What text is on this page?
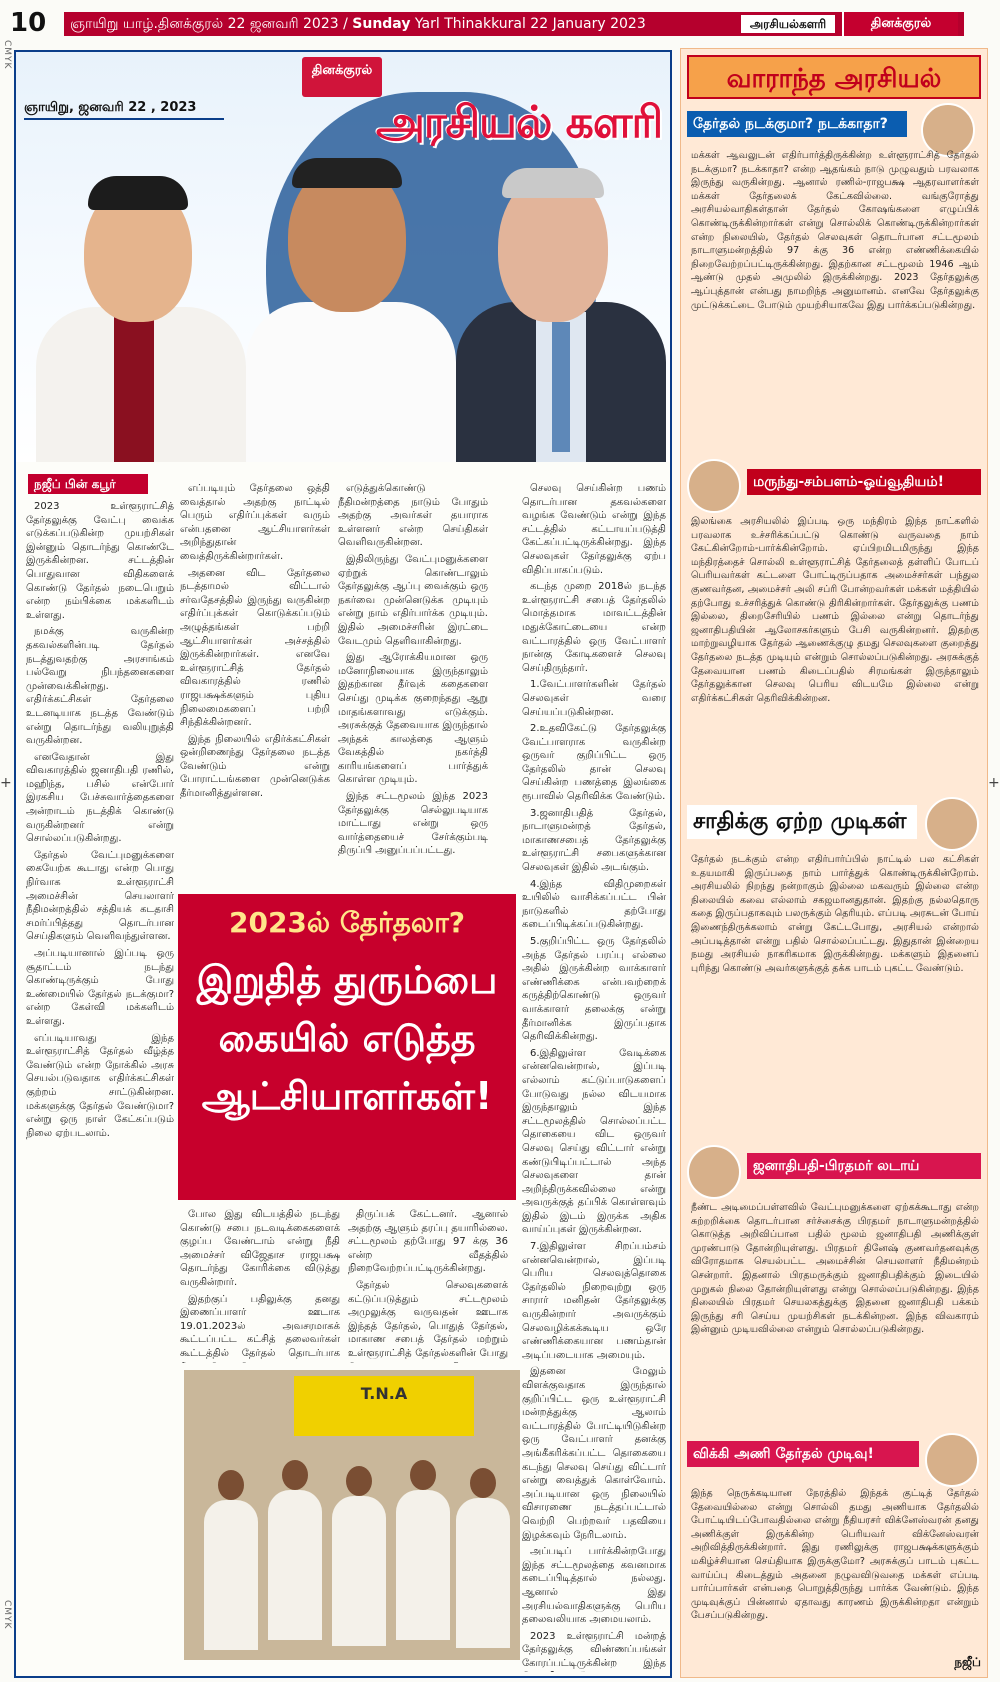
10	ஞாயிறு யாழ்.தினக்குரல் 22 ஜனவரி 2023 / Sunday Yarl Thinakkural 22 January 2023	அரசியல்களரி	தினக்குரல்
CMYK
CMYK
+	+
தினக்குரல்
ஞாயிறு, ஜனவரி 22 , 2023	அரசியல் களரி
நஜீப் பின் கபூர்

2023 உள்ளூராட்சித் தேர்தலுக்கு வேட்பு வைக்க எடுக்கப்படுகின்ற முயற்சிகள் இன்னும் தொடர்ந்து கொண்டே இருக்கின்றன. சட்டத்தின் பொதுவான விதிகளைக் கொண்டு தேர்தல் நடைபெறும் என்ற நம்பிக்கை மக்களிடம் உள்ளது.

நமக்கு வருகின்ற தகவல்களின்படி தேர்தல் நடத்துவதற்கு அரசாங்கம் பல்வேறு நிபந்தனைகளை முன்வைக்கின்றது. எதிர்க்கட்சிகள் தேர்தலை உடனடியாக நடத்த வேண்டும் என்று தொடர்ந்து வலியுறுத்தி வருகின்றன.

எனவேதான் இது விவகாரத்தில் ஜனாதிபதி ரணில், மஹிந்த, பசில் என்போர் இரகசிய பேச்சுவார்த்தைகளை அன்றாடம் நடத்திக் கொண்டு வருகின்றனர் என்று சொல்லப்படுகின்றது.

தேர்தல் வேட்புமனுக்களை கையேற்க கூடாது என்ற பொது நிர்வாக உள்ளூராட்சி அமைச்சின் செயலாளர் நீதிமன்றத்தில் சத்தியக் கடதாசி சமர்ப்பித்தது தொடர்பான செய்திகளும் வெளிவந்துள்ளன.

அப்படியானால் இப்படி ஒரு சூதாட்டம் நடந்து கொண்டிருக்கும் போது உண்மையில் தேர்தல் நடக்குமா? என்ற கேள்வி மக்களிடம் உள்ளது.

எப்படியாவது இந்த உள்ளூராட்சித் தேர்தல் வீழ்த்த வேண்டும் என்ற நோக்கில் அரசு செயல்படுவதாக எதிர்க்கட்சிகள் குற்றம் சாட்டுகின்றன. மக்களுக்கு தேர்தல் வேண்டுமா? என்று ஒரு நாள் கேட்கப்படும் நிலை ஏற்படலாம்.

எப்படியும் தேர்தலை ஒத்தி வைத்தால் அதற்கு நாட்டில் பெரும் எதிர்ப்புக்கள் வரும் என்பதனை ஆட்சியாளர்கள் அறிந்துதான் வைத்திருக்கின்றார்கள்.

அதனை விட தேர்தலை நடத்தாமல் விட்டால் சர்வதேசத்தில் இருந்து வருகின்ற எதிர்ப்புக்கள் கொடுக்கப்படும் அழுத்தங்கள் பற்றி ஆட்சியாளர்கள் அச்சத்தில் இருக்கின்றார்கள். எனவே உள்ளூராட்சித் தேர்தல் விவகாரத்தில் ரணில் ராஜபக்ஷக்களும் புதிய நிலைமைகளைப் பற்றி சிந்திக்கின்றனர்.

இந்த நிலையில் எதிர்க்கட்சிகள் ஒன்றிணைந்து தேர்தலை நடத்த வேண்டும் என்று போராட்டங்களை முன்னெடுக்க தீர்மானித்துள்ளன.

எடுத்துக்கொண்டு நீதிமன்றத்தை நாடும் போதும் அதற்கு அவர்கள் தயாராக உள்ளனர் என்ற செய்திகள் வெளிவருகின்றன.

இதிலிருந்து வேட்புமனுக்களை ஏற்றுக் கொண்டாலும் தேர்தலுக்கு ஆப்பு வைக்கும் ஒரு நகர்வை முன்னெடுக்க முடியும் என்று நாம் எதிர்பார்க்க முடியும். இதில் அமைச்சரின் இரட்டை வேடமும் தெளிவாகின்றது.

இது ஆரோக்கியமான ஒரு மனோநிலையாக இருந்தாலும் இதற்கான தீர்வுக் கதைகளை செய்து முடிக்க குறைந்தது ஆறு மாதங்களாவது எடுக்கும். அரசுக்குத் தேவையாக இருந்தால் அந்தக் காலத்தை ஆளும் வேகத்தில் நகர்த்தி காரியங்களைப் பார்த்துக் கொள்ள முடியும்.

இந்த சட்டமூலம் இந்த 2023 தேர்தலுக்கு செல்லுபடியாக மாட்டாது என்று ஒரு வார்த்தையைச் சேர்க்கும்படி திருப்பி அனுப்பப்பட்டது.

2023ல் தேர்தலா?
இறுதித் துரும்பை கையில் எடுத்த ஆட்சியாளர்கள்!

போல இது விடயத்தில் நடந்து கொண்டு சபை நடவடிக்கைகளைக் குழப்ப வேண்டாம் என்று நீதி அமைச்சர் விஜேதாச ராஜபக்ஷ தொடர்ந்து கோரிக்கை விடுத்து வருகின்றார்.

இதற்குப் பதிலுக்கு தனது இணைப்பாளர் ஊடாக 19.01.2023ல் அவசரமாகக் கூட்டப்பட்ட கட்சித் தலைவர்கள் கூட்டத்தில் தேர்தல் தொடர்பாக

திருப்பக் கேட்டனர். ஆனால் அதற்கு ஆளும் தரப்பு தயாரில்லை. சட்டமூலம் தற்போது 97 க்கு 36 என்ற வீதத்தில் நிறைவேற்றப்பட்டிருக்கின்றது.

தேர்தல் செலவுகளைக் கட்டுப்படுத்தும் சட்டமூலம் அமுலுக்கு வருவதன் ஊடாக இந்தத் தேர்தல், பொதுத் தேர்தல், மாகாண சபைத் தேர்தல் மற்றும் உள்ளூராட்சித் தேர்தல்களின் போது

T.N.A

செலவு செய்கின்ற பணம் தொடர்பான தகவல்களை வழங்க வேண்டும் என்று இந்த சட்டத்தில் கட்டாயப்படுத்தி கேட்கப்பட்டிருக்கின்றது. இந்த செலவுகள் தேர்தலுக்கு ஏற்ப விதிப்பாகப்படும்.

கடந்த முறை 2018ல் நடந்த உள்ளூராட்சி சபைத் தேர்தலில் மொத்தமாக மாவட்டத்தின் மதுக்கோட்டையை என்ற வட்டாரத்தில் ஒரு வேட்பாளர் நான்கு கோடிகளைச் செலவு செய்திருந்தார்.

1.வேட்பாளர்களின் தேர்தல் செலவுகள் வரை செய்யப்படுகின்றன.

2.உதவிகேட்டு தேர்தலுக்கு வேட்பாளராக வருகின்ற ஒருவர் குறிப்பிட்ட ஒரு தேர்தலில் தான் செலவு செய்கின்ற பணத்தை இலங்கை ரூபாவில் தெரிவிக்க வேண்டும்.

3.ஜனாதிபதித் தேர்தல், நாடாளுமன்றத் தேர்தல், மாகாணசபைத் தேர்தலுக்கு உள்ளூராட்சி சபைகளுக்கான செலவுகள் இதில் அடங்கும்.

4.இந்த விதிமுறைகள் உயிலில் வாசிக்கப்பட்ட பின் நாடுகளில் தற்போது கடைப்பிடிக்கப்படுகின்றது.

5.குறிப்பிட்ட ஒரு தேர்தலில் அந்த தேர்தல் பரப்பு எல்லை அதில் இருக்கின்ற வாக்காளர் எண்ணிக்கை என்பவற்றைக் கருத்திற்கொண்டு ஒருவர் வாக்காளர் தலைக்கு என்று தீர்மானிக்க இருப்பதாக தெரிவிக்கின்றது.

6.இதிலுள்ள வேடிக்கை என்னவென்றால், இப்படி எல்லாம் கட்டுப்பாடுகளைப் போடுவது நல்ல விடயமாக இருந்தாலும் இந்த சட்டமூலத்தில் சொல்லப்பட்ட தொகையை விட ஒருவர் செலவு செய்து விட்டார் என்று கண்டுபிடிப்பட்டால் அந்த செலவுகளை தான் அறிந்திருக்கவில்லை என்று அவருக்குத் தப்பிக் கொள்ளவும் இதில் இடம் இருக்க அதிக வாய்ப்புகள் இருக்கின்றன.

7.இதிலுள்ள சிறப்பம்சம் என்னவென்றால், இப்படி பெரிய செலவுத்தொகை தேர்தலில் நிறைவுற்று ஒரு சாரார் மனிதன் தேர்தலுக்கு வருகின்றார் அவருக்கும் செலவழிக்கக்கூடிய ஒரே எண்ணிக்கையான பணம்தான் அடிப்படையாக அமையும்.

இதனை மேலும் விளக்குவதாக இருந்தால் குறிப்பிட்ட ஒரு உள்ளூராட்சி மன்றத்துக்கு ஆலாம் வட்டாரத்தில் போட்டியிடுகின்ற ஒரு வேட்பாளர் தனக்கு அங்கீகரிக்கப்பட்ட தொகையை கடந்து செலவு செய்து விட்டார் என்று வைத்துக் கொள்வோம். அப்படியான ஒரு நிலையில் விசாரணை நடத்தப்பட்டால் வெற்றி பெற்றவர் பதவியை இழக்கவும் நேரிடலாம்.

அப்படிப் பார்க்கின்றபோது இந்த சட்டமூலத்தை கவனமாக கடைப்பிடித்தால் நல்லது. ஆனால் இது அரசியல்வாதிகளுக்கு பெரிய தலைவலியாக அமையலாம்.

2023 உள்ளூராட்சி மன்றத் தேர்தலுக்கு விண்ணப்பங்கள் கோரப்பட்டிருக்கின்ற இந்த

வாராந்த அரசியல்
தேர்தல் நடக்குமா? நடக்காதா?
மக்கள் ஆவலுடன் எதிர்பார்த்திருக்கின்ற உள்ளூராட்சித் தேர்தல் நடக்குமா? நடக்காதா? என்ற ஆதங்கம் நாடு முழுவதும் பரவலாக இருந்து வருகின்றது. ஆனால் ரணில்-ராஜபக்ஷ ஆதரவாளர்கள் மக்கள் தேர்தலைக் கேட்கவில்லை. வங்குரோத்து அரசியல்வாதிகள்தான் தேர்தல் கோஷங்களை எழுப்பிக் கொண்டிருக்கின்றார்கள் என்று சொல்லிக் கொண்டிருக்கின்றார்கள் என்ற நிலையில், தேர்தல் செலவுகள் தொடர்பான சட்டமூலம் நாடாளுமன்றத்தில் 97 க்கு 36 என்ற எண்ணிக்கையில் நிறைவேற்றப்பட்டிருக்கின்றது. இதற்கான சட்டமூலம் 1946 ஆம் ஆண்டு முதல் அமுலில் இருக்கின்றது. 2023 தேர்தலுக்கு ஆப்புத்தான் என்பது நாமறிந்த அனுமானம். எனவே தேர்தலுக்கு முட்டுக்கட்டை போடும் முயற்சியாகவே இது பார்க்கப்படுகின்றது.
மருந்து-சம்பளம்-ஓய்வூதியம்!
இலங்கை அரசியலில் இப்படி ஒரு மந்திரம் இந்த நாட்களில் பரவலாக உச்சரிக்கப்பட்டு கொண்டு வருவதை நாம் கேட்கின்றோம்-பார்க்கின்றோம். ஏப்பிறமிடமிருந்து இந்த மந்திரத்தைச் சொல்லி உள்ளூராட்சித் தேர்தலைத் தள்ளிப் போடப் பெரியவர்கள் கட்டளை போட்டிருப்பதாக அமைச்சர்கள் பந்துல குணவர்தன, அமைச்சர் அலி சப்ரி போன்றவர்கள் மக்கள் மத்தியில் தற்போது உச்சரித்துக் கொண்டு திரிகின்றார்கள். தேர்தலுக்கு பணம் இல்லை, திறைசேரியில் பணம் இல்லை என்று தொடர்ந்து ஜனாதிபதியின் ஆலோசகர்களும் பேசி வருகின்றனர். இதற்கு மாற்றுவழியாக தேர்தல் ஆணைக்குழு தமது செலவுகளை குறைத்து தேர்தலை நடத்த முடியும் என்றும் சொல்லப்படுகின்றது. அரசுக்குத் தேவையான பணம் கிடைப்பதில் சிரமங்கள் இருந்தாலும் தேர்தலுக்கான செலவு பெரிய விடயமே இல்லை என்று எதிர்க்கட்சிகள் தெரிவிக்கின்றன.
சாதிக்கு ஏற்ற முடிகள்
தேர்தல் நடக்கும் என்ற எதிர்பார்ப்பில் நாட்டில் பல கட்சிகள் உதயமாகி இருப்பதை நாம் பார்த்துக் கொண்டிருக்கின்றோம். அரசியலில் நிறந்து நன்றாகும் இல்லை மகவரும் இல்லை என்ற நிலையில் கவை எல்லாம் சகஜமானதுதான். இதற்கு நல்லதொரு கதை இருப்பதாகவும் பலருக்கும் தெரியும். எப்படி அரசுடன் போய் இணைந்திருக்கலாம் என்று கேட்டபோது, அரசியல் என்றால் அப்படித்தான் என்று பதில் சொல்லப்பட்டது. இதுதான் இன்றைய நமது அரசியல் நாகரிகமாக இருக்கின்றது. மக்களும் இதனைப் புரிந்து கொண்டு அவர்களுக்குத் தக்க பாடம் புகட்ட வேண்டும்.
ஜனாதிபதி-பிரதமர் லடாய்
நீண்ட அடிமைப்பள்ளவில் வேட்புமனுக்களை ஏற்கக்கூடாது என்ற சுற்றறிக்கை தொடர்பான சர்ச்சைக்கு பிரதமர் நாடாளுமன்றத்தில் கொடுத்த அறிவிப்பான பதில் மூலம் ஜனாதிபதி அணிக்குள் முரண்பாடு தோன்றியுள்ளது. பிரதமர் தினேஷ் குணவர்தனவுக்கு விரோதமாக செயல்பட்ட அமைச்சின் செயலாளர் நீதிமன்றம் சென்றார். இதனால் பிரதமருக்கும் ஜனாதிபதிக்கும் இடையில் முறுகல் நிலை தோன்றியுள்ளது என்று சொல்லப்படுகின்றது. இந்த நிலையில் பிரதமர் செயலகத்துக்கு இதனை ஜனாதிபதி பக்கம் இருந்து சரி செய்ய முயற்சிகள் நடக்கின்றன. இந்த விவகாரம் இன்னும் முடியவில்லை என்றும் சொல்லப்படுகின்றது.
விக்கி அணி தேர்தல் முடிவு!
இந்த நெருக்கடியான நேரத்தில் இந்தக் குட்டித் தேர்தல் தேவையில்லை என்று சொல்லி தமது அணியாக தேர்தலில் போட்டியிடப்போவதில்லை என்று நீதியரசர் விக்னேஸ்வரன் தனது அணிக்குள் இருக்கின்ற பெரியவர் விக்னேஸ்வரன் அறிவித்திருக்கின்றார். இது ரணிலுக்கு ராஜபக்ஷக்களுக்கும் மகிழ்ச்சியான செய்தியாக இருக்குமோ? அரசுக்குப் பாடம் புகட்ட வாய்ப்பு கிடைத்தும் அதனை நழுவவிடுவதை மக்கள் எப்படி பார்ப்பார்கள் என்பதை பொறுத்திருந்து பார்க்க வேண்டும். இந்த முடிவுக்குப் பின்னால் ஏதாவது காரணம் இருக்கின்றதா என்றும் பேசப்படுகின்றது.
நஜீப்
